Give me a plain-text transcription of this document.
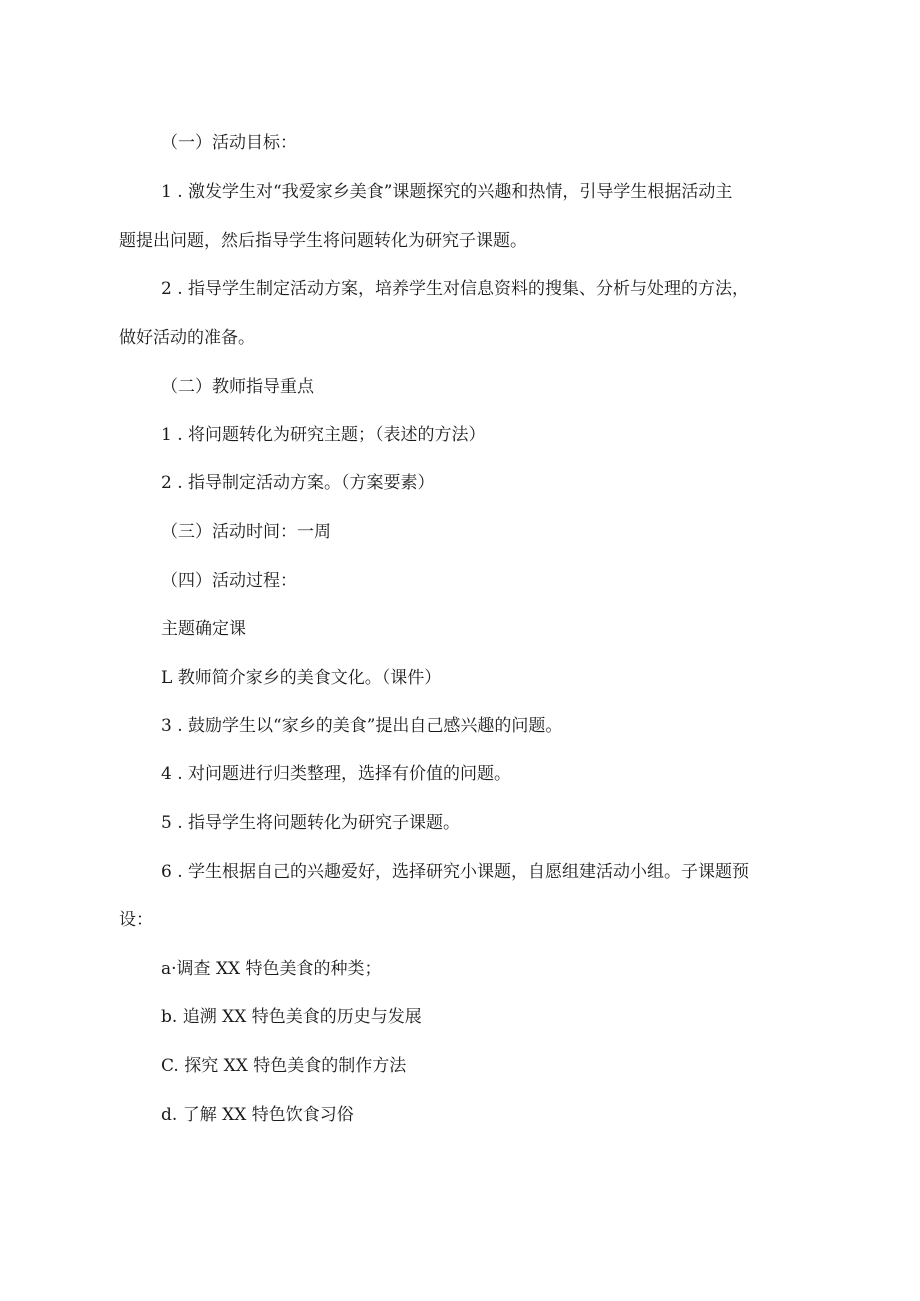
（一）活动目标：
1 . 激发学生对“我爱家乡美食”课题探究的兴趣和热情，引导学生根据活动主
题提出问题，然后指导学生将问题转化为研究子课题。
2 . 指导学生制定活动方案，培养学生对信息资料的搜集、分析与处理的方法，
做好活动的准备。
（二）教师指导重点
1 . 将问题转化为研究主题；（表述的方法）
2 . 指导制定活动方案。（方案要素）
（三）活动时间：一周
（四）活动过程：
主题确定课
L 教师简介家乡的美食文化。（课件）
3 . 鼓励学生以“家乡的美食”提出自己感兴趣的问题。
4 . 对问题进行归类整理，选择有价值的问题。
5 . 指导学生将问题转化为研究子课题。
6 . 学生根据自己的兴趣爱好，选择研究小课题，自愿组建活动小组。子课题预
设：
a·调查 XX 特色美食的种类；
b. 追溯 XX 特色美食的历史与发展
C. 探究 XX 特色美食的制作方法
d. 了解 XX 特色饮食习俗
